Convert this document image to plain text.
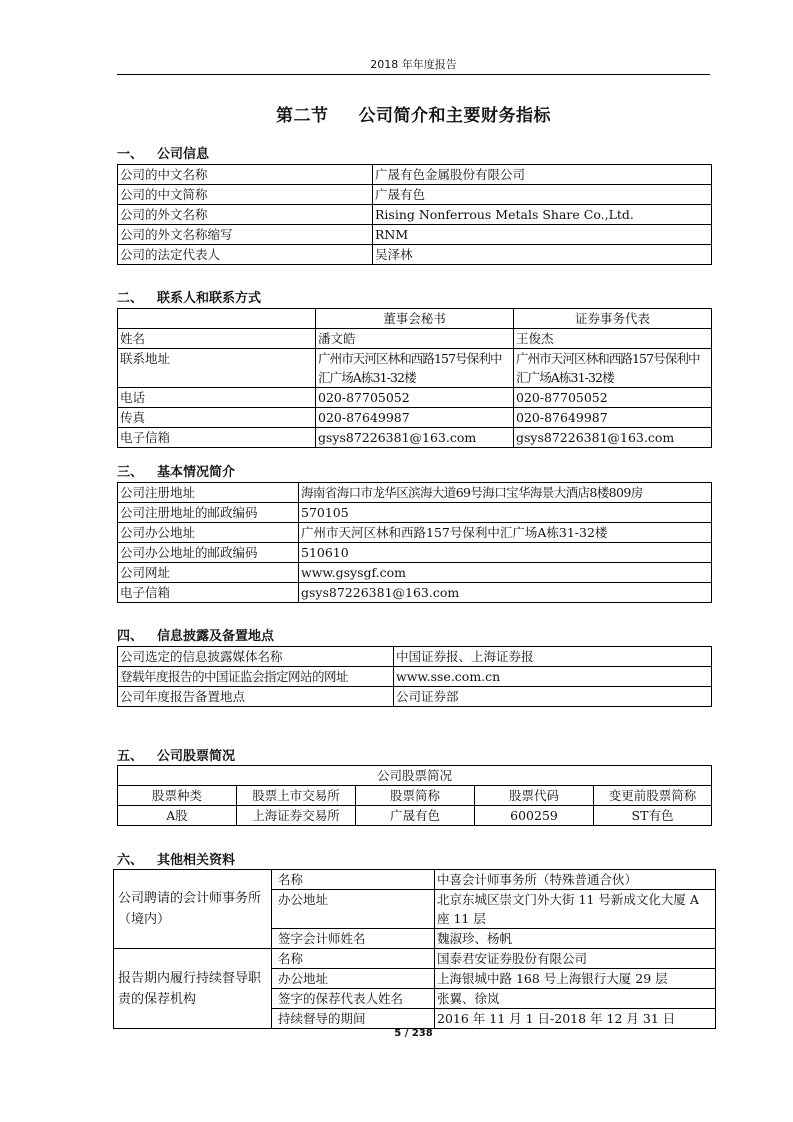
2018 年年度报告
第二节 公司简介和主要财务指标
一、 公司信息
公司的中文名称	广晟有色金属股份有限公司
公司的中文简称	广晟有色
公司的外文名称	Rising Nonferrous Metals Share Co.,Ltd.
公司的外文名称缩写	RNM
公司的法定代表人	吴泽林
二、 联系人和联系方式
	董事会秘书	证券事务代表
姓名	潘文皓	王俊杰
联系地址	广州市天河区林和西路157号保利中汇广场A栋31-32楼	广州市天河区林和西路157号保利中汇广场A栋31-32楼
电话	020-87705052	020-87705052
传真	020-87649987	020-87649987
电子信箱	gsys87226381@163.com	gsys87226381@163.com
三、 基本情况简介
公司注册地址	海南省海口市龙华区滨海大道69号海口宝华海景大酒店8楼809房
公司注册地址的邮政编码	570105
公司办公地址	广州市天河区林和西路157号保利中汇广场A栋31-32楼
公司办公地址的邮政编码	510610
公司网址	www.gsysgf.com
电子信箱	gsys87226381@163.com
四、 信息披露及备置地点
公司选定的信息披露媒体名称	中国证券报、上海证券报
登载年度报告的中国证监会指定网站的网址	www.sse.com.cn
公司年度报告备置地点	公司证券部
五、 公司股票简况
公司股票简况				
股票种类	股票上市交易所	股票简称	股票代码	变更前股票简称
A股	上海证券交易所	广晟有色	600259	ST有色
六、 其他相关资料
公司聘请的会计师事务所（境内）	名称	中喜会计师事务所（特殊普通合伙）
	办公地址	北京东城区崇文门外大街 11 号新成文化大厦 A 座 11 层
	签字会计师姓名	魏淑珍、杨帆
报告期内履行持续督导职责的保荐机构	名称	国泰君安证券股份有限公司
	办公地址	上海银城中路 168 号上海银行大厦 29 层
	签字的保荐代表人姓名	张翼、徐岚
	持续督导的期间	2016 年 11 月 1 日-2018 年 12 月 31 日
5 / 238
